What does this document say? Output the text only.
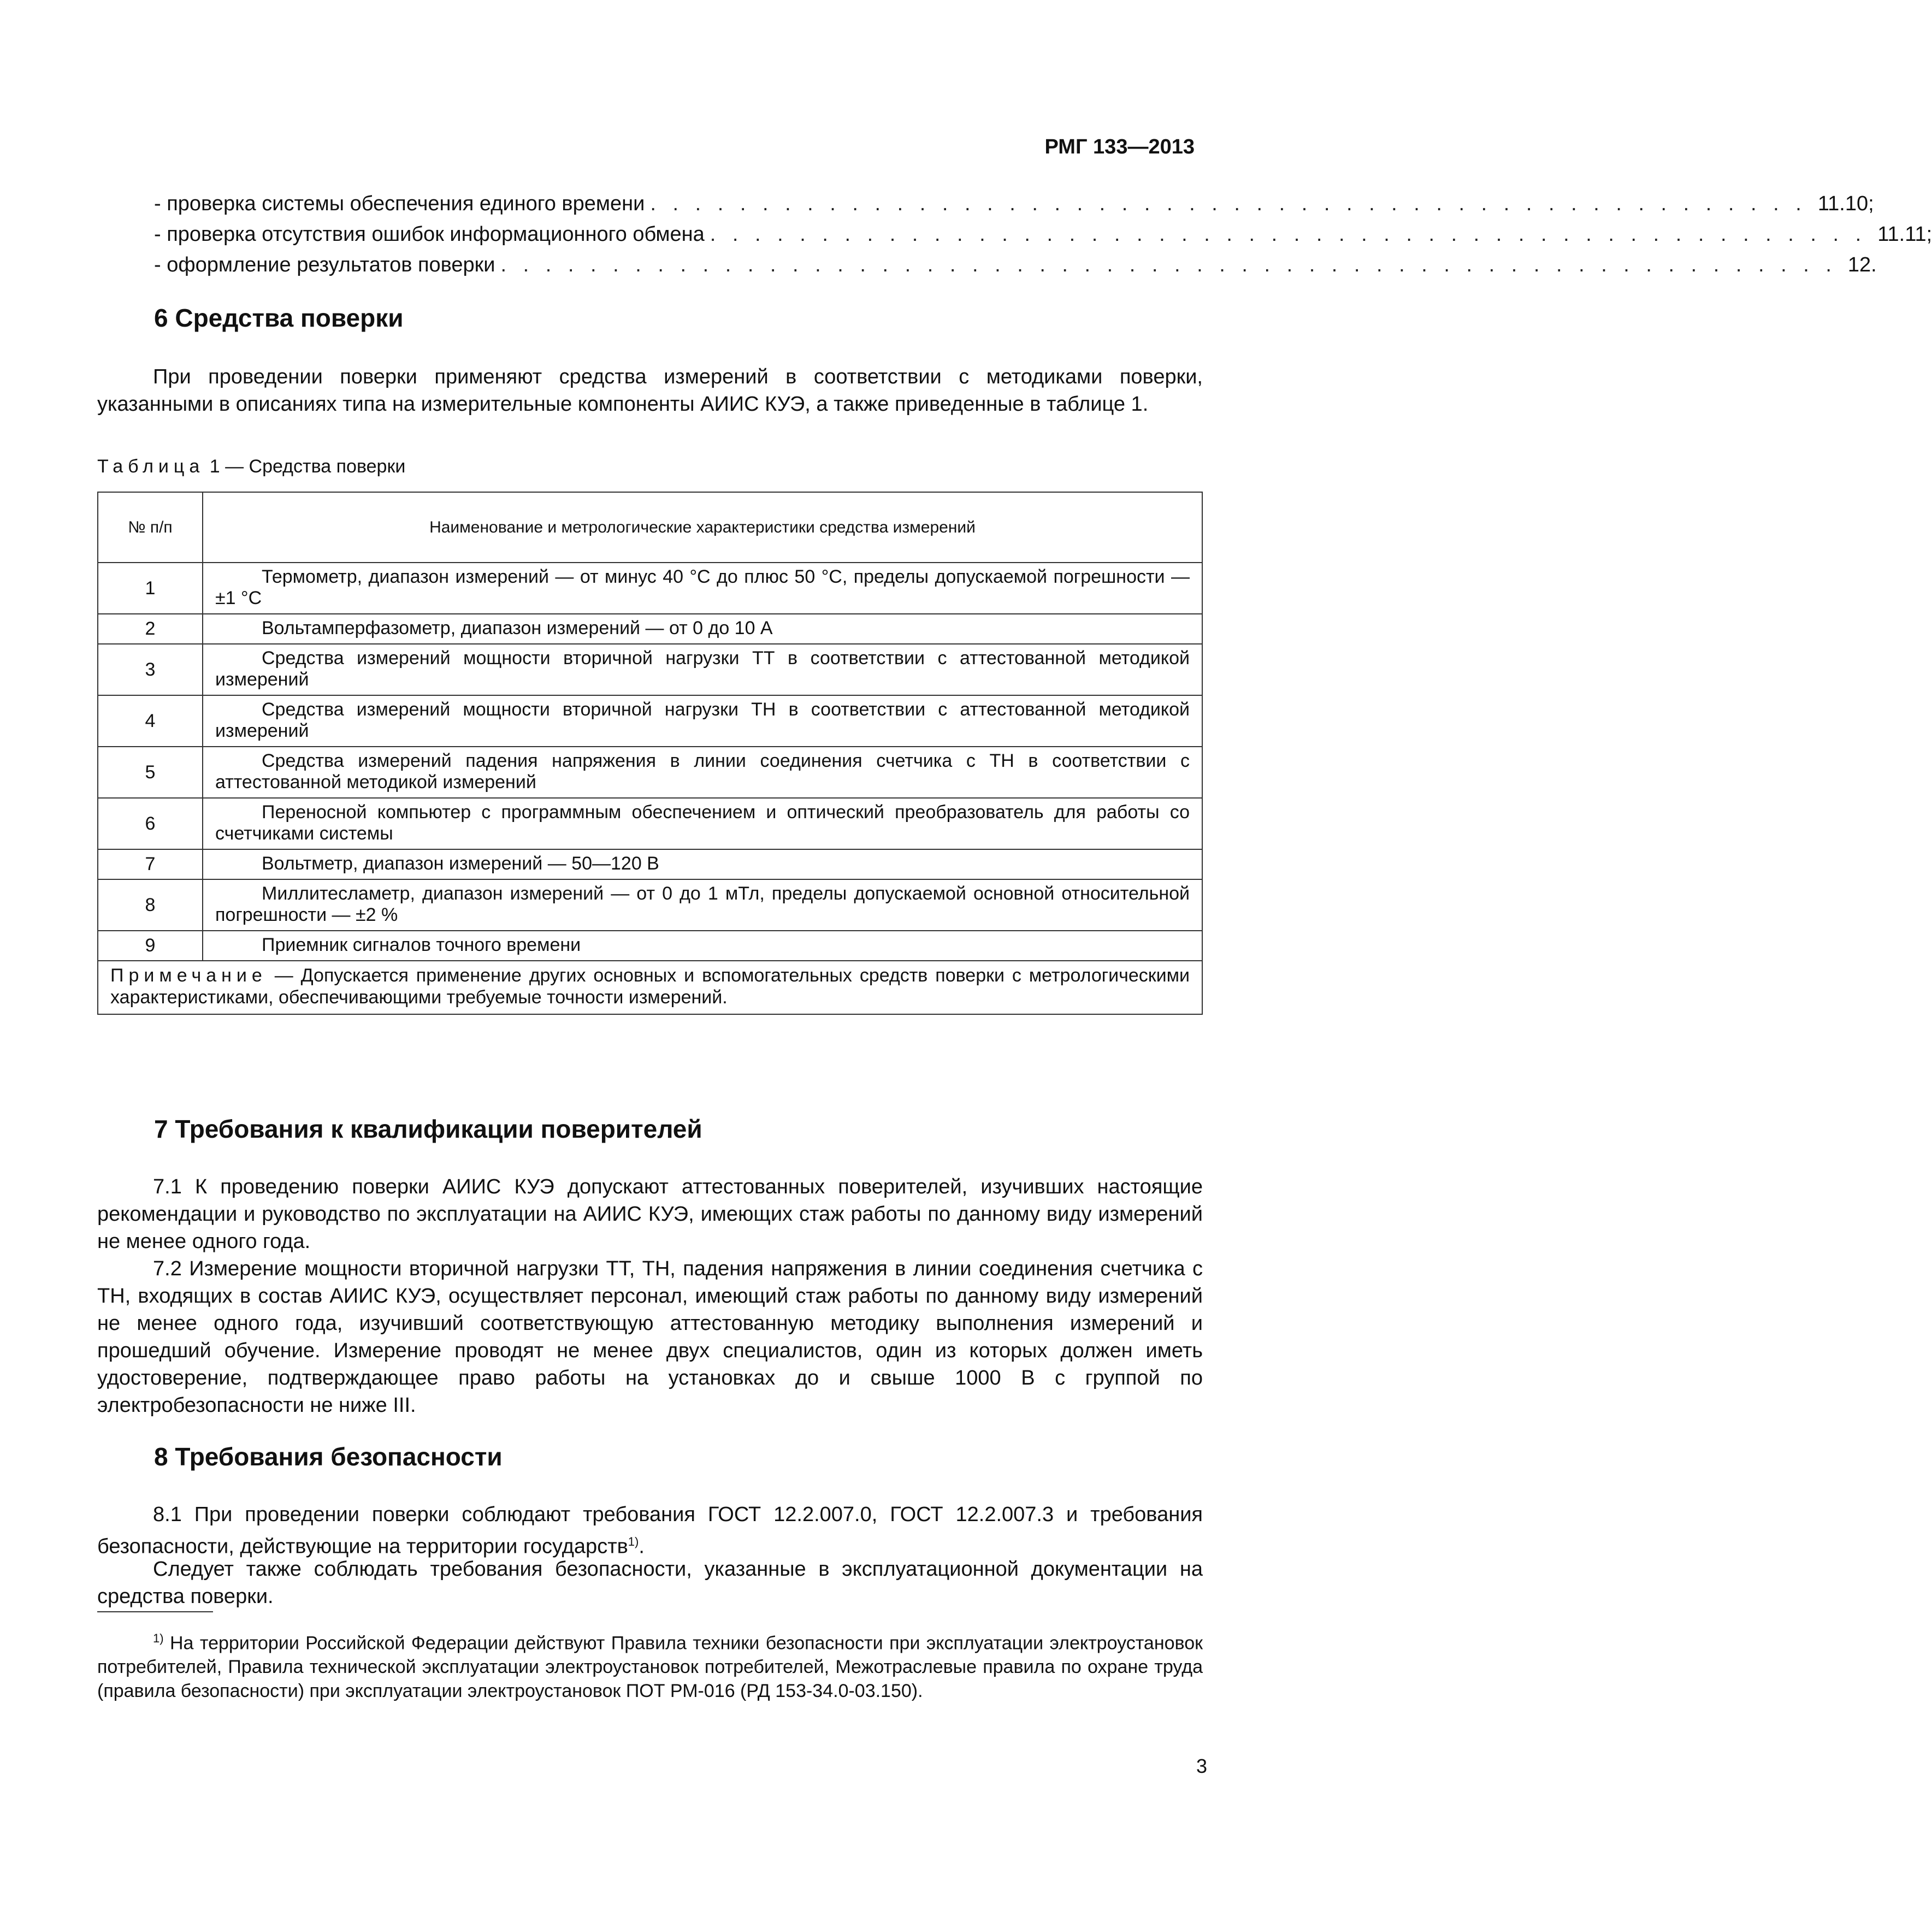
РМГ 133—2013
- проверка системы обеспечения единого времени . . . . . . . . . . . . . . . . . . . . . . . . . . . . . . . . . . . . . . . . . . . . . . . . . . . . 11.10;
- проверка отсутствия ошибок информационного обмена . . . . . . . . . . . . . . . . . . . . . . . . . . . . . . . . . . . . . . . . . . . . . . . . . . . . 11.11;
- оформление результатов поверки . . . . . . . . . . . . . . . . . . . . . . . . . . . . . . . . . . . . . . . . . . . . . . . . . . . . . . . . . . . . 12.
6 Средства поверки
При проведении поверки применяют средства измерений в соответствии с методиками поверки, указанными в описаниях типа на измерительные компоненты АИИС КУЭ, а также приведенные в таблице 1.
Таблица 1 — Средства поверки
№ п/п	Наименование и метрологические характеристики средства измерений
1	Термометр, диапазон измерений — от минус 40 °С до плюс 50 °С, пределы допускаемой погрешности — ±1 °С

2	Вольтамперфазометр, диапазон измерений — от 0 до 10 А

3	Средства измерений мощности вторичной нагрузки ТТ в соответствии с аттестованной методикой измерений

4	Средства измерений мощности вторичной нагрузки ТН в соответствии с аттестованной методикой измерений

5	Средства измерений падения напряжения в линии соединения счетчика с ТН в соответствии с аттестованной методикой измерений

6	Переносной компьютер с программным обеспечением и оптический преобразователь для работы со счетчиками системы

7	Вольтметр, диапазон измерений — 50—120 В

8	Миллитесламетр, диапазон измерений — от 0 до 1 мТл, пределы допускаемой основной относительной погрешности — ±2 %

9	Приемник сигналов точного времени

Примечание — Допускается применение других основных и вспомогательных средств поверки с метрологическими характеристиками, обеспечивающими требуемые точности измерений.	
7 Требования к квалификации поверителей
7.1 К проведению поверки АИИС КУЭ допускают аттестованных поверителей, изучивших настоящие рекомендации и руководство по эксплуатации на АИИС КУЭ, имеющих стаж работы по данному виду измерений не менее одного года.
7.2 Измерение мощности вторичной нагрузки ТТ, ТН, падения напряжения в линии соединения счетчика с ТН, входящих в состав АИИС КУЭ, осуществляет персонал, имеющий стаж работы по данному виду измерений не менее одного года, изучивший соответствующую аттестованную методику выполнения измерений и прошедший обучение. Измерение проводят не менее двух специалистов, один из которых должен иметь удостоверение, подтверждающее право работы на установках до и свыше 1000 В с группой по электробезопасности не ниже III.
8 Требования безопасности
8.1 При проведении поверки соблюдают требования ГОСТ 12.2.007.0, ГОСТ 12.2.007.3 и требования безопасности, действующие на территории государств$^{1)}$.
Следует также соблюдать требования безопасности, указанные в эксплуатационной документации на средства поверки.
$^{1)}$ На территории Российской Федерации действуют Правила техники безопасности при эксплуатации электроустановок потребителей, Правила технической эксплуатации электроустановок потребителей, Межотраслевые правила по охране труда (правила безопасности) при эксплуатации электроустановок ПОТ РМ-016 (РД 153-34.0-03.150).
3
